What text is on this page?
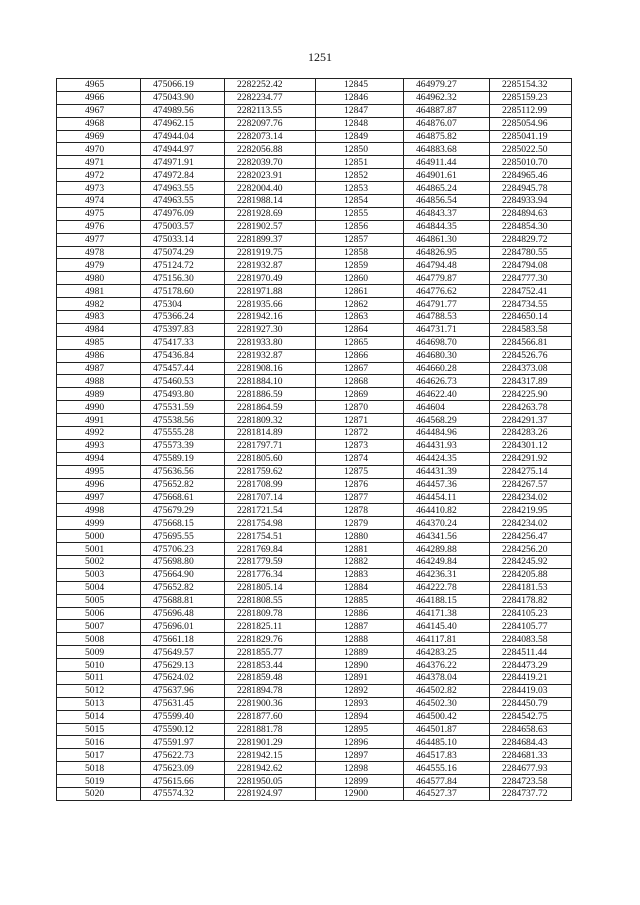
1251
4965	475066.19	2282252.42	12845	464979.27	2285154.32
4966	475043.90	2282234.77	12846	464962.32	2285159.23
4967	474989.56	2282113.55	12847	464887.87	2285112.99
4968	474962.15	2282097.76	12848	464876.07	2285054.96
4969	474944.04	2282073.14	12849	464875.82	2285041.19
4970	474944.97	2282056.88	12850	464883.68	2285022.50
4971	474971.91	2282039.70	12851	464911.44	2285010.70
4972	474972.84	2282023.91	12852	464901.61	2284965.46
4973	474963.55	2282004.40	12853	464865.24	2284945.78
4974	474963.55	2281988.14	12854	464856.54	2284933.94
4975	474976.09	2281928.69	12855	464843.37	2284894.63
4976	475003.57	2281902.57	12856	464844.35	2284854.30
4977	475033.14	2281899.37	12857	464861.30	2284829.72
4978	475074.29	2281919.75	12858	464826.95	2284780.55
4979	475124.72	2281932.87	12859	464794.48	2284794.08
4980	475156.30	2281970.49	12860	464779.87	2284777.30
4981	475178.60	2281971.88	12861	464776.62	2284752.41
4982	475304	2281935.66	12862	464791.77	2284734.55
4983	475366.24	2281942.16	12863	464788.53	2284650.14
4984	475397.83	2281927.30	12864	464731.71	2284583.58
4985	475417.33	2281933.80	12865	464698.70	2284566.81
4986	475436.84	2281932.87	12866	464680.30	2284526.76
4987	475457.44	2281908.16	12867	464660.28	2284373.08
4988	475460.53	2281884.10	12868	464626.73	2284317.89
4989	475493.80	2281886.59	12869	464622.40	2284225.90
4990	475531.59	2281864.59	12870	464604	2284263.78
4991	475538.56	2281809.32	12871	464568.29	2284291.37
4992	475555.28	2281814.89	12872	464484.96	2284283.26
4993	475573.39	2281797.71	12873	464431.93	2284301.12
4994	475589.19	2281805.60	12874	464424.35	2284291.92
4995	475636.56	2281759.62	12875	464431.39	2284275.14
4996	475652.82	2281708.99	12876	464457.36	2284267.57
4997	475668.61	2281707.14	12877	464454.11	2284234.02
4998	475679.29	2281721.54	12878	464410.82	2284219.95
4999	475668.15	2281754.98	12879	464370.24	2284234.02
5000	475695.55	2281754.51	12880	464341.56	2284256.47
5001	475706.23	2281769.84	12881	464289.88	2284256.20
5002	475698.80	2281779.59	12882	464249.84	2284245.92
5003	475664.90	2281776.34	12883	464236.31	2284205.88
5004	475652.82	2281805.14	12884	464222.78	2284181.53
5005	475688.81	2281808.55	12885	464188.15	2284178.82
5006	475696.48	2281809.78	12886	464171.38	2284105.23
5007	475696.01	2281825.11	12887	464145.40	2284105.77
5008	475661.18	2281829.76	12888	464117.81	2284083.58
5009	475649.57	2281855.77	12889	464283.25	2284511.44
5010	475629.13	2281853.44	12890	464376.22	2284473.29
5011	475624.02	2281859.48	12891	464378.04	2284419.21
5012	475637.96	2281894.78	12892	464502.82	2284419.03
5013	475631.45	2281900.36	12893	464502.30	2284450.79
5014	475599.40	2281877.60	12894	464500.42	2284542.75
5015	475590.12	2281881.78	12895	464501.87	2284658.63
5016	475591.97	2281901.29	12896	464485.10	2284684.43
5017	475622.73	2281942.15	12897	464517.83	2284681.33
5018	475623.09	2281942.62	12898	464555.16	2284677.93
5019	475615.66	2281950.05	12899	464577.84	2284723.58
5020	475574.32	2281924.97	12900	464527.37	2284737.72
